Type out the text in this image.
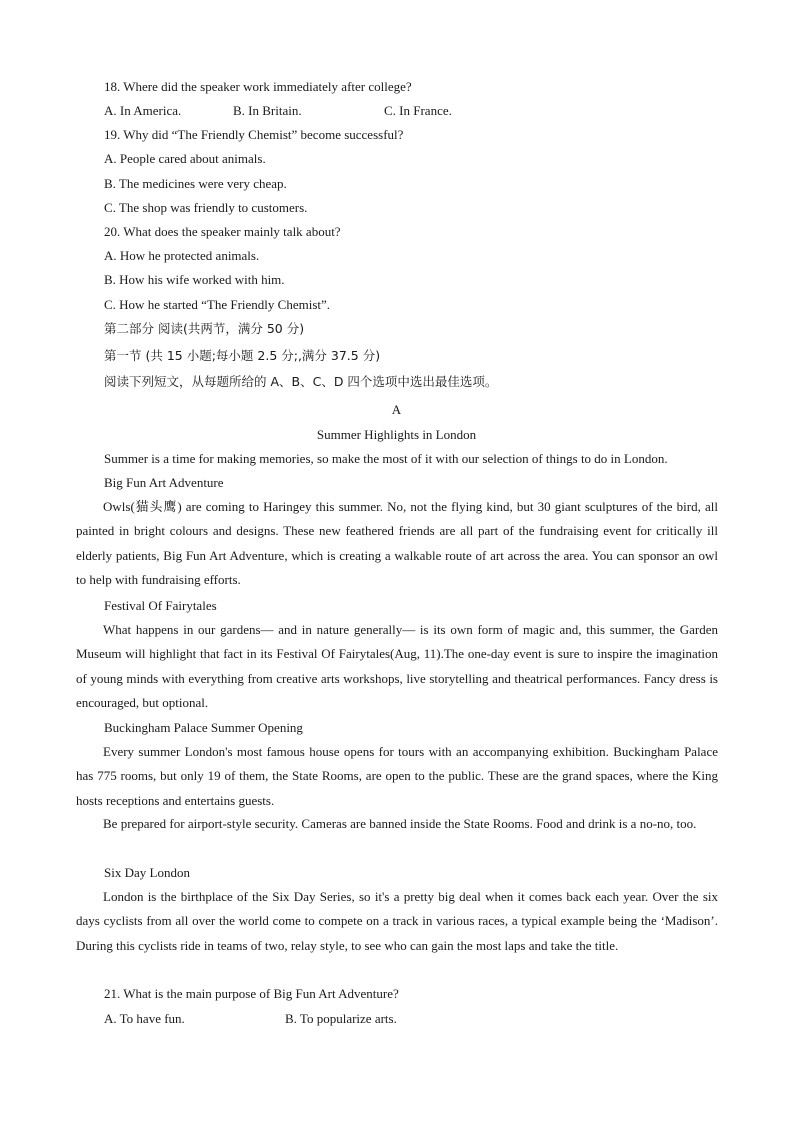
18. Where did the speaker work immediately after college?
A. In America.	B. In Britain.	C. In France.
19. Why did “The Friendly Chemist” become successful?
A. People cared about animals.
B. The medicines were very cheap.
C. The shop was friendly to customers.
20. What does the speaker mainly talk about?
A. How he protected animals.
B. How his wife worked with him.
C. How he started “The Friendly Chemist”.
第二部分 阅读(共两节，满分 50 分)
第一节 (共 15 小题;每小题 2.5 分;,满分 37.5 分)
阅读下列短文，从每题所给的 A、B、C、D 四个选项中选出最佳选项。
A
Summer Highlights in London
Summer is a time for making memories, so make the most of it with our selection of things to do in London.
Big Fun Art Adventure
Owls(猫头鹰) are coming to Haringey this summer. No, not the flying kind, but 30 giant sculptures of the bird, all painted in bright colours and designs. These new feathered friends are all part of the fundraising event for critically ill elderly patients, Big Fun Art Adventure, which is creating a walkable route of art across the area. You can sponsor an owl to help with fundraising efforts.
Festival Of Fairytales
What happens in our gardens— and in nature generally— is its own form of magic and, this summer, the Garden Museum will highlight that fact in its Festival Of Fairytales(Aug, 11).The one-day event is sure to inspire the imagination of young minds with everything from creative arts workshops, live storytelling and theatrical performances. Fancy dress is encouraged, but optional.
Buckingham Palace Summer Opening
Every summer London's most famous house opens for tours with an accompanying exhibition. Buckingham Palace has 775 rooms, but only 19 of them, the State Rooms, are open to the public. These are the grand spaces, where the King hosts receptions and entertains guests.
Be prepared for airport-style security. Cameras are banned inside the State Rooms. Food and drink is a no-no, too.
Six Day London
London is the birthplace of the Six Day Series, so it's a pretty big deal when it comes back each year. Over the six days cyclists from all over the world come to compete on a track in various races, a typical example being the ‘Madison’. During this cyclists ride in teams of two, relay style, to see who can gain the most laps and take the title.
21. What is the main purpose of Big Fun Art Adventure?
A. To have fun.	B. To popularize arts.
